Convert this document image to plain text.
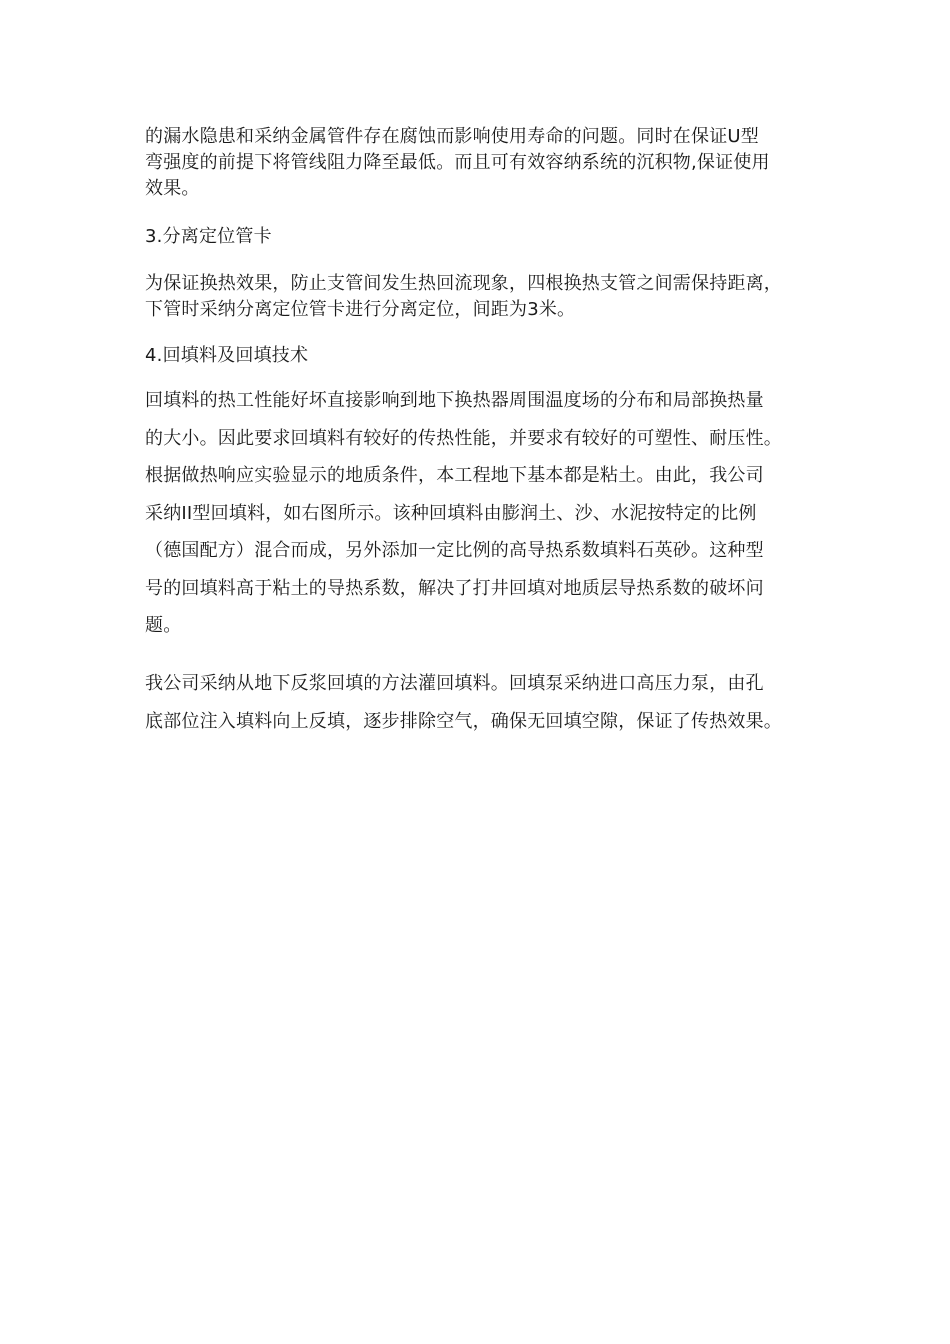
的漏水隐患和采纳金属管件存在腐蚀而影响使用寿命的问题。同时在保证U型
弯强度的前提下将管线阻力降至最低。而且可有效容纳系统的沉积物,保证使用
效果。
3.分离定位管卡
为保证换热效果，防止支管间发生热回流现象，四根换热支管之间需保持距离，
下管时采纳分离定位管卡进行分离定位，间距为3米。
4.回填料及回填技术
回填料的热工性能好坏直接影响到地下换热器周围温度场的分布和局部换热量
的大小。因此要求回填料有较好的传热性能，并要求有较好的可塑性、耐压性。
根据做热响应实验显示的地质条件，本工程地下基本都是粘土。由此，我公司
采纳II型回填料，如右图所示。该种回填料由膨润土、沙、水泥按特定的比例
（德国配方）混合而成，另外添加一定比例的高导热系数填料石英砂。这种型
号的回填料高于粘土的导热系数，解决了打井回填对地质层导热系数的破坏问
题。
我公司采纳从地下反浆回填的方法灌回填料。回填泵采纳进口高压力泵，由孔
底部位注入填料向上反填，逐步排除空气，确保无回填空隙，保证了传热效果。
